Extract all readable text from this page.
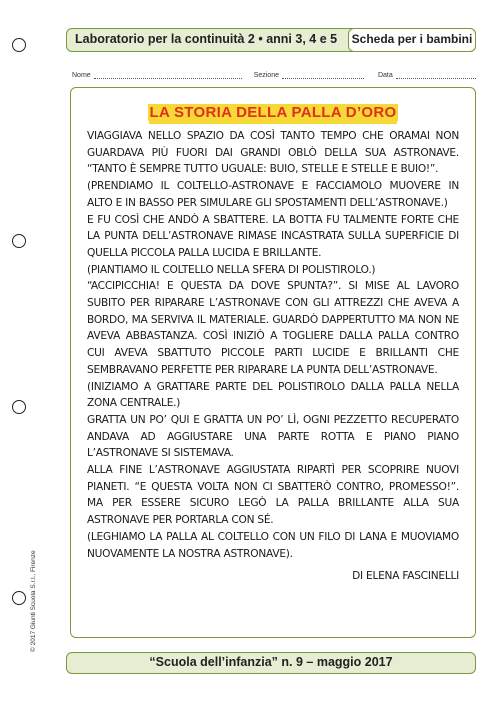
Laboratorio per la continuità 2 • anni 3, 4 e 5	Scheda per i bambini
Nome	Sezione	Data
LA STORIA DELLA PALLA D’ORO

VIAGGIAVA NELLO SPAZIO DA COSÌ TANTO TEMPO CHE ORAMAI NON GUARDAVA PIÙ FUORI DAI GRANDI OBLÒ DELLA SUA ASTRONAVE. “TANTO È SEMPRE TUTTO UGUALE: BUIO, STELLE E STELLE E BUIO!”.

(PRENDIAMO IL COLTELLO-ASTRONAVE E FACCIAMOLO MUOVERE IN ALTO E IN BASSO PER SIMULARE GLI SPOSTAMENTI DELL’ASTRONAVE.)

E FU COSÌ CHE ANDÒ A SBATTERE. LA BOTTA FU TALMENTE FORTE CHE LA PUNTA DELL’ASTRONAVE RIMASE INCASTRATA SULLA SUPERFICIE DI QUELLA PICCOLA PALLA LUCIDA E BRILLANTE.

(PIANTIAMO IL COLTELLO NELLA SFERA DI POLISTIROLO.)

“ACCIPICCHIA! E QUESTA DA DOVE SPUNTA?”. SI MISE AL LAVORO SUBITO PER RIPARARE L’ASTRONAVE CON GLI ATTREZZI CHE AVEVA A BORDO, MA SERVIVA IL MATERIALE. GUARDÒ DAPPERTUTTO MA NON NE AVEVA ABBASTANZA. COSÌ INIZIÒ A TOGLIERE DALLA PALLA CONTRO CUI AVEVA SBATTUTO PICCOLE PARTI LUCIDE E BRILLANTI CHE SEMBRAVANO PERFETTE PER RIPARARE LA PUNTA DELL’ASTRONAVE.

(INIZIAMO A GRATTARE PARTE DEL POLISTIROLO DALLA PALLA NELLA ZONA CENTRALE.)

GRATTA UN PO’ QUI E GRATTA UN PO’ LÌ, OGNI PEZZETTO RECUPERATO ANDAVA AD AGGIUSTARE UNA PARTE ROTTA E PIANO PIANO L’ASTRONAVE SI SISTEMAVA.

ALLA FINE L’ASTRONAVE AGGIUSTATA RIPARTÌ PER SCOPRIRE NUOVI PIANETI. “E QUESTA VOLTA NON CI SBATTERÒ CONTRO, PROMESSO!”. MA PER ESSERE SICURO LEGÒ LA PALLA BRILLANTE ALLA SUA ASTRONAVE PER PORTARLA CON SÉ.

(LEGHIAMO LA PALLA AL COLTELLO CON UN FILO DI LANA E MUOVIAMO NUOVAMENTE LA NOSTRA ASTRONAVE).

DI ELENA FASCINELLI

© 2017 Giunti Scuola S.r.l., Firenze
“Scuola dell’infanzia” n. 9 – maggio 2017
